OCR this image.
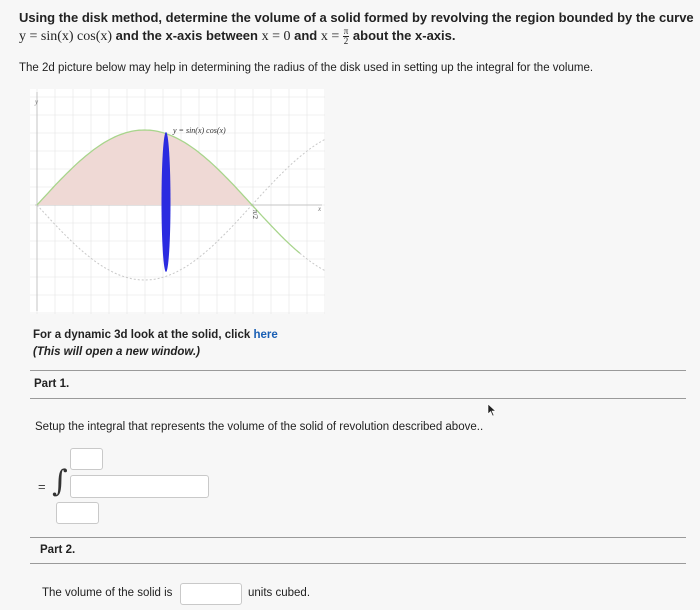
Using the disk method, determine the volume of a solid formed by revolving the region bounded by the curve
y = sin(x) cos(x) and the x-axis between x = 0 and $x = \frac{\pi}{2}$ about the x-axis.
The 2d picture below may help in determining the radius of the disk used in setting up the integral for the volume.
y = sin(x) cos(x)
x
y
π/2
For a dynamic 3d look at the solid, click here
(This will open a new window.)
Part 1.
Setup the integral that represents the volume of the solid of revolution described above..
= ∫
Part 2.
The volume of the solid is	units cubed.
